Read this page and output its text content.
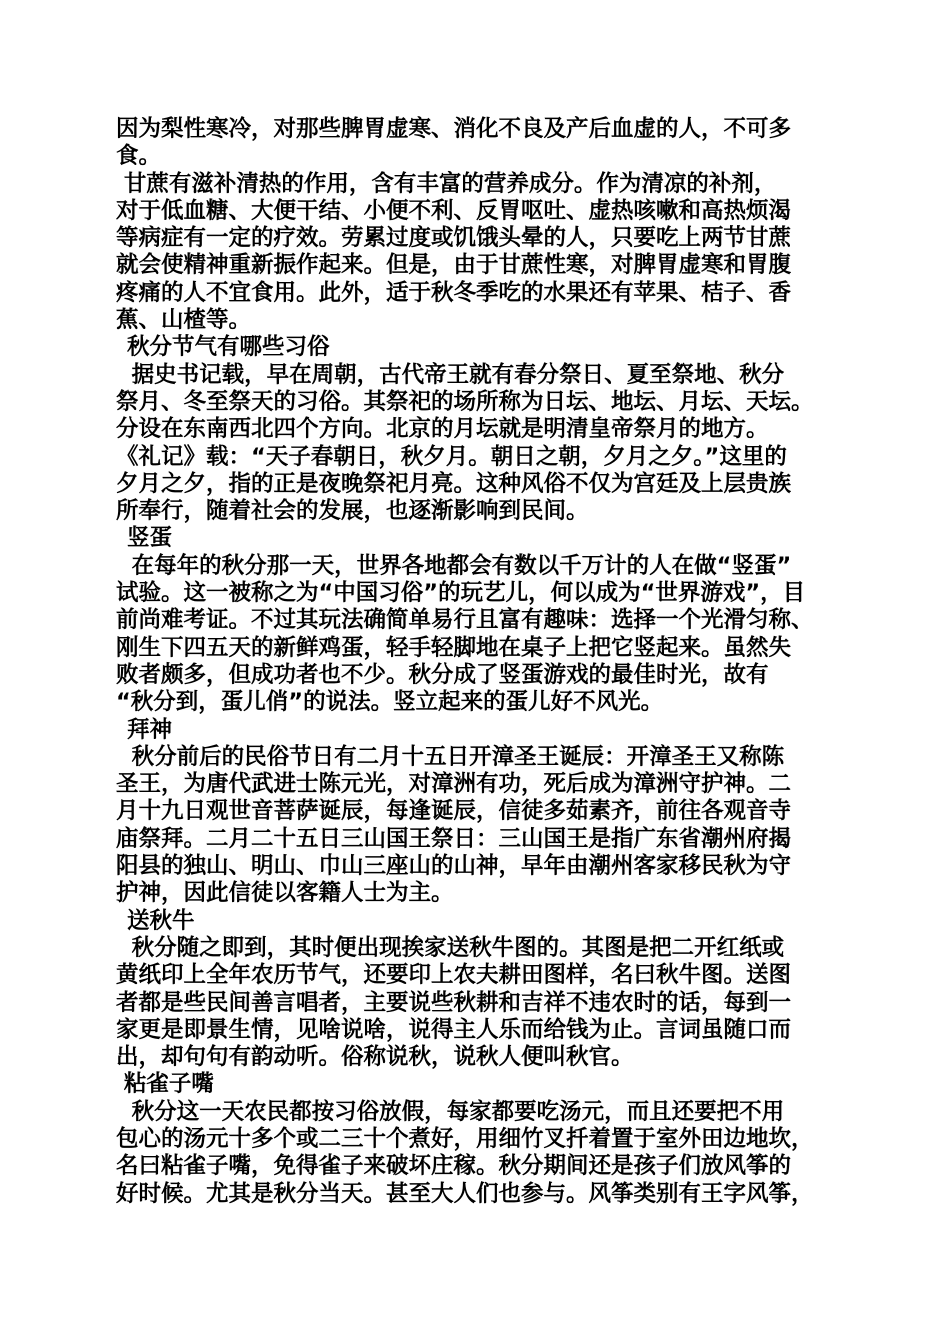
因为梨性寒冷，对那些脾胃虚寒、消化不良及产后血虚的人，不可多
食。
甘蔗有滋补清热的作用，含有丰富的营养成分。作为清凉的补剂，
对于低血糖、大便干结、小便不利、反胃呕吐、虚热咳嗽和高热烦渴
等病症有一定的疗效。劳累过度或饥饿头晕的人，只要吃上两节甘蔗
就会使精神重新振作起来。但是，由于甘蔗性寒，对脾胃虚寒和胃腹
疼痛的人不宜食用。此外，适于秋冬季吃的水果还有苹果、桔子、香
蕉、山楂等。
秋分节气有哪些习俗
据史书记载，早在周朝，古代帝王就有春分祭日、夏至祭地、秋分
祭月、冬至祭天的习俗。其祭祀的场所称为日坛、地坛、月坛、天坛。
分设在东南西北四个方向。北京的月坛就是明清皇帝祭月的地方。
《礼记》载：“天子春朝日，秋夕月。朝日之朝，夕月之夕。”这里的
夕月之夕，指的正是夜晚祭祀月亮。这种风俗不仅为宫廷及上层贵族
所奉行，随着社会的发展，也逐渐影响到民间。
竖蛋
在每年的秋分那一天，世界各地都会有数以千万计的人在做“竖蛋”
试验。这一被称之为“中国习俗”的玩艺儿，何以成为“世界游戏”，目
前尚难考证。不过其玩法确简单易行且富有趣味：选择一个光滑匀称、
刚生下四五天的新鲜鸡蛋，轻手轻脚地在桌子上把它竖起来。虽然失
败者颇多，但成功者也不少。秋分成了竖蛋游戏的最佳时光，故有
“秋分到，蛋儿俏”的说法。竖立起来的蛋儿好不风光。
拜神
秋分前后的民俗节日有二月十五日开漳圣王诞辰：开漳圣王又称陈
圣王，为唐代武进士陈元光，对漳洲有功，死后成为漳洲守护神。二
月十九日观世音菩萨诞辰，每逢诞辰，信徒多茹素齐，前往各观音寺
庙祭拜。二月二十五日三山国王祭日：三山国王是指广东省潮州府揭
阳县的独山、明山、巾山三座山的山神，早年由潮州客家移民秋为守
护神，因此信徒以客籍人士为主。
送秋牛
秋分随之即到，其时便出现挨家送秋牛图的。其图是把二开红纸或
黄纸印上全年农历节气，还要印上农夫耕田图样，名曰秋牛图。送图
者都是些民间善言唱者，主要说些秋耕和吉祥不违农时的话，每到一
家更是即景生情，见啥说啥，说得主人乐而给钱为止。言词虽随口而
出，却句句有韵动听。俗称说秋，说秋人便叫秋官。
粘雀子嘴
秋分这一天农民都按习俗放假，每家都要吃汤元，而且还要把不用
包心的汤元十多个或二三十个煮好，用细竹叉扦着置于室外田边地坎，
名曰粘雀子嘴，免得雀子来破坏庄稼。秋分期间还是孩子们放风筝的
好时候。尤其是秋分当天。甚至大人们也参与。风筝类别有王字风筝，
